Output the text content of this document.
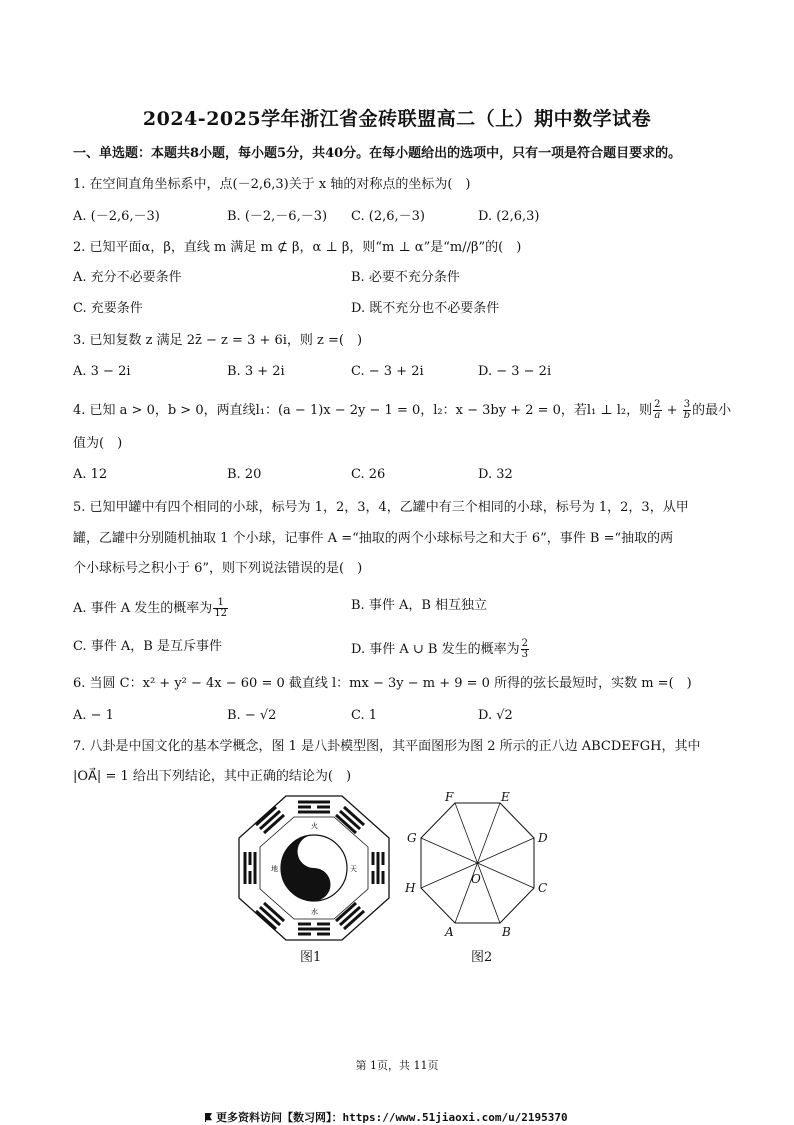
2024-2025学年浙江省金砖联盟高二（上）期中数学试卷
一、单选题：本题共8小题，每小题5分，共40分。在每小题给出的选项中，只有一项是符合题目要求的。
1. 在空间直角坐标系中，点(－2,6,3)关于 x 轴的对称点的坐标为(　)
A. (－2,6,－3)	B. (－2,－6,－3) C. (2,6,－3)	D. (2,6,3)
2. 已知平面α，β，直线 m 满足 m ⊄ β，α ⊥ β，则“m ⊥ α”是“m//β”的(　)
A. 充分不必要条件	B. 必要不充分条件
C. 充要条件	D. 既不充分也不必要条件
3. 已知复数 z 满足 2z̄ − z = 3 + 6i，则 z =(　)
A. 3 − 2i	B. 3 + 2i	C. − 3 + 2i	D. − 3 − 2i
4. 已知 a > 0，b > 0，两直线l₁：(a − 1)x − 2y − 1 = 0，l₂：x − 3by + 2 = 0，若l₁ ⊥ l₂，则 $\frac{2}{a} + \frac{3}{b}$ 的最小
值为(　)
A. 12	B. 20	C. 26	D. 32
5. 已知甲罐中有四个相同的小球，标号为 1，2，3，4，乙罐中有三个相同的小球，标号为 1，2，3，从甲
罐，乙罐中分别随机抽取 1 个小球，记事件 A =“抽取的两个小球标号之和大于 6”，事件 B =“抽取的两
个小球标号之积小于 6”，则下列说法错误的是(　)
A. 事件 A 发生的概率为 $\frac{1}{12}$	B. 事件 A，B 相互独立
C. 事件 A，B 是互斥事件	D. 事件 A ∪ B 发生的概率为 $\frac{2}{3}$
6. 当圆 C：x² + y² − 4x − 60 = 0 截直线 l：mx − 3y − m + 9 = 0 所得的弦长最短时，实数 m =(　)
A. − 1	B. − √2	C. 1	D. √2
7. 八卦是中国文化的基本学概念，图 1 是八卦模型图，其平面图形为图 2 所示的正八边 ABCDEFGH，其中
|OA⃗| = 1 给出下列结论，其中正确的结论为(　)
火
水
天
地
图1
A	B
C
D
E
F
G
H
O
图2
第 1页，共 11页
更多资料访问【数习网】：https://www.51jiaoxi.com/u/2195370
